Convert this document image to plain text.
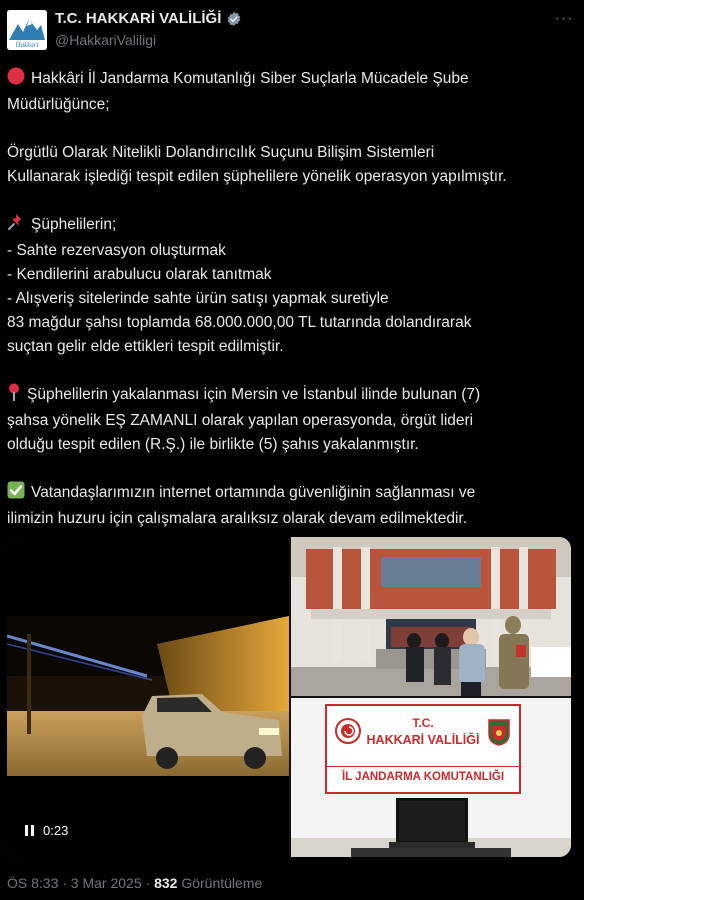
Hakkari
T.C. HAKKARİ VALİLİĞİ
@HakkariValiligi
···

Hakkâri İl Jandarma Komutanlığı Siber Suçlarla Mücadele Şube
Müdürlüğünce;

Örgütlü Olarak Nitelikli Dolandırıcılık Suçunu Bilişim Sistemleri
Kullanarak işlediği tespit edilen şüphelilere yönelik operasyon yapılmıştır.

Şüphelilerin;
- Sahte rezervasyon oluşturmak
- Kendilerini arabulucu olarak tanıtmak
- Alışveriş sitelerinde sahte ürün satışı yapmak suretiyle
83 mağdur şahsı toplamda 68.000.000,00 TL tutarında dolandırarak
suçtan gelir elde ettikleri tespit edilmiştir.

Şüphelilerin yakalanması için Mersin ve İstanbul ilinde bulunan (7)
şahsa yönelik EŞ ZAMANLI olarak yapılan operasyonda, örgüt lideri
olduğu tespit edilen (R.Ş.) ile birlikte (5) şahıs yakalanmıştır.

Vatandaşlarımızın internet ortamında güvenliğinin sağlanması ve
ilimizin huzuru için çalışmalara aralıksız olarak devam edilmektedir.

0:23
T.C.
HAKKARİ VALİLİĞİ
İL JANDARMA KOMUTANLIĞI
ÖS 8:33 · 3 Mar 2025 · 832 Görüntüleme
